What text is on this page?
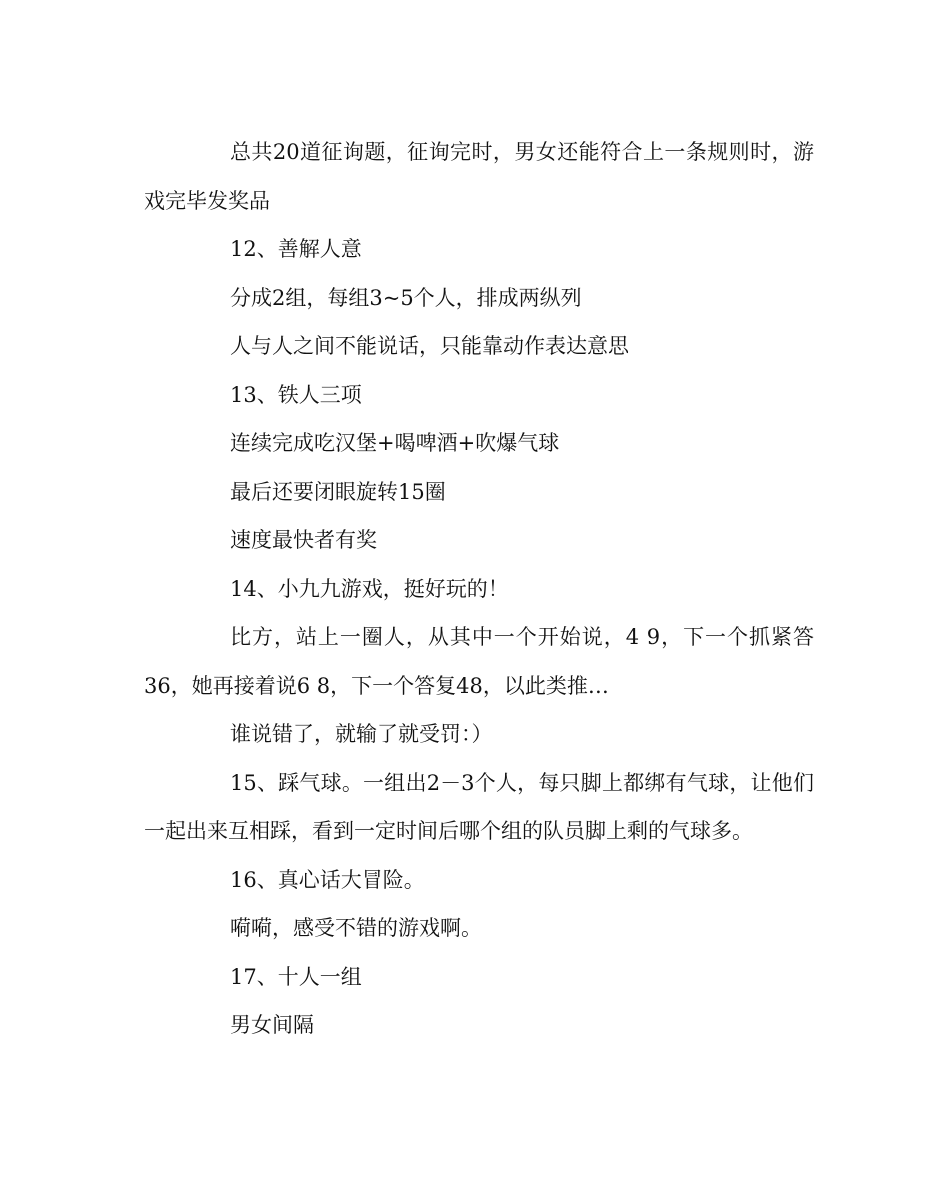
总共20道征询题，征询完时，男女还能符合上一条规则时，游戏完毕发奖品

12、善解人意

分成2组，每组3~5个人，排成两纵列

人与人之间不能说话，只能靠动作表达意思

13、铁人三项

连续完成吃汉堡+喝啤酒+吹爆气球

最后还要闭眼旋转15圈

速度最快者有奖

14、小九九游戏，挺好玩的！

比方，站上一圈人，从其中一个开始说，4 9，下一个抓紧答36，她再接着说6 8，下一个答复48，以此类推…

谁说错了，就输了就受罚：）

15、踩气球。一组出2－3个人，每只脚上都绑有气球，让他们一起出来互相踩，看到一定时间后哪个组的队员脚上剩的气球多。

16、真心话大冒险。

嗬嗬，感受不错的游戏啊。

17、十人一组

男女间隔
